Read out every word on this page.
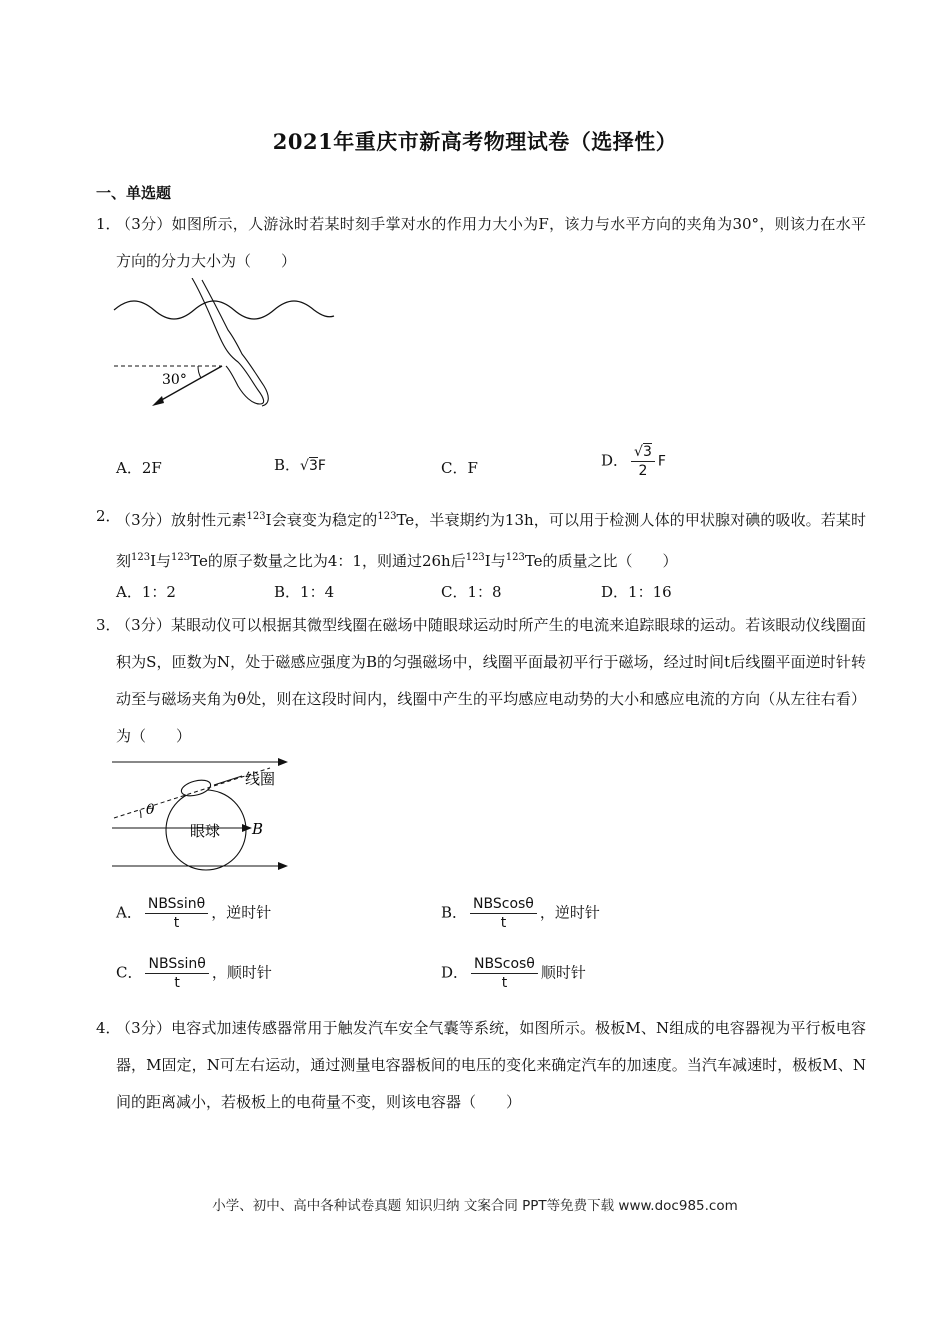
2021年重庆市新高考物理试卷（选择性）
一、单选题
1．
（3分）如图所示，人游泳时若某时刻手掌对水的作用力大小为F，该力与水平方向的夹角为30°，则该力在水平方向的分力大小为（　　）
30°
A．2F	B．√3F	C．F	D． $\frac{√3}{2}$ F
2．
（3分）放射性元素$^{123}$I会衰变为稳定的$^{123}$Te，半衰期约为13h，可以用于检测人体的甲状腺对碘的吸收。若某时刻$^{123}$I与$^{123}$Te的原子数量之比为4：1，则通过26h后$^{123}$I与$^{123}$Te的质量之比（　　）
A．1：2	B．1：4	C．1：8	D．1：16
3．
（3分）某眼动仪可以根据其微型线圈在磁场中随眼球运动时所产生的电流来追踪眼球的运动。若该眼动仪线圈面积为S，匝数为N，处于磁感应强度为B的匀强磁场中，线圈平面最初平行于磁场，经过时间t后线圈平面逆时针转动至与磁场夹角为θ处，则在这段时间内，线圈中产生的平均感应电动势的大小和感应电流的方向（从左往右看）为（　　）
θ
线圈
眼球 B
A． $\frac{\text{NBSsinθ}}{t}$ ，逆时针	B． $\frac{\text{NBScosθ}}{t}$ ，逆时针
C． $\frac{\text{NBSsinθ}}{t}$ ，顺时针	D． $\frac{\text{NBScosθ}}{t}$ 顺时针
4．
（3分）电容式加速传感器常用于触发汽车安全气囊等系统，如图所示。极板M、N组成的电容器视为平行板电容器，M固定，N可左右运动，通过测量电容器板间的电压的变化来确定汽车的加速度。当汽车减速时，极板M、N间的距离减小，若极板上的电荷量不变，则该电容器（　　）
小学、初中、高中各种试卷真题 知识归纳 文案合同 PPT等免费下载 www.doc985.com
